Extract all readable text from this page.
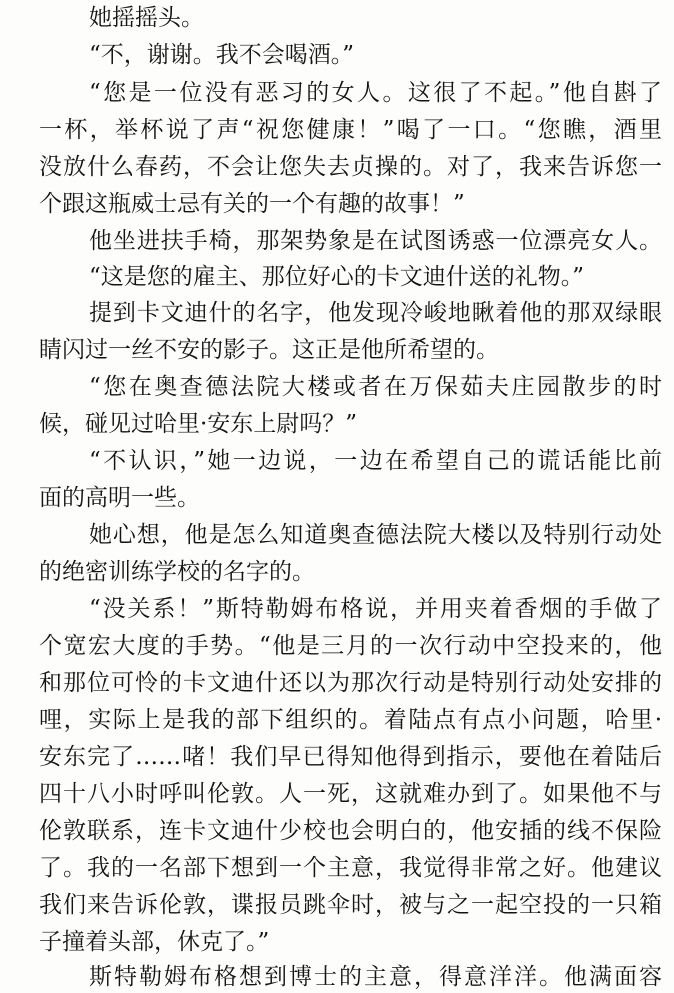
她摇摇头。
“不，谢谢。我不会喝酒。”
“您是一位没有恶习的女人。这很了不起。”他自斟了
一杯，举杯说了声“祝您健康！”喝了一口。“您瞧，酒里
没放什么春药，不会让您失去贞操的。对了，我来告诉您一
个跟这瓶威士忌有关的一个有趣的故事！”
他坐进扶手椅，那架势象是在试图诱惑一位漂亮女人。
“这是您的雇主、那位好心的卡文迪什送的礼物。”
提到卡文迪什的名字，他发现冷峻地瞅着他的那双绿眼
睛闪过一丝不安的影子。这正是他所希望的。
“您在奥查德法院大楼或者在万保茹夫庄园散步的时
候，碰见过哈里·安东上尉吗？”
“不认识，”她一边说，一边在希望自己的谎话能比前
面的高明一些。
她心想，他是怎么知道奥查德法院大楼以及特别行动处
的绝密训练学校的名字的。
“没关系！”斯特勒姆布格说，并用夹着香烟的手做了
个宽宏大度的手势。“他是三月的一次行动中空投来的，他
和那位可怜的卡文迪什还以为那次行动是特别行动处安排的
哩，实际上是我的部下组织的。着陆点有点小问题，哈里·
安东完了……啫！我们早已得知他得到指示，要他在着陆后
四十八小时呼叫伦敦。人一死，这就难办到了。如果他不与
伦敦联系，连卡文迪什少校也会明白的，他安插的线不保险
了。我的一名部下想到一个主意，我觉得非常之好。他建议
我们来告诉伦敦，谍报员跳伞时，被与之一起空投的一只箱
子撞着头部，休克了。”
斯特勒姆布格想到博士的主意，得意洋洋。他满面容
